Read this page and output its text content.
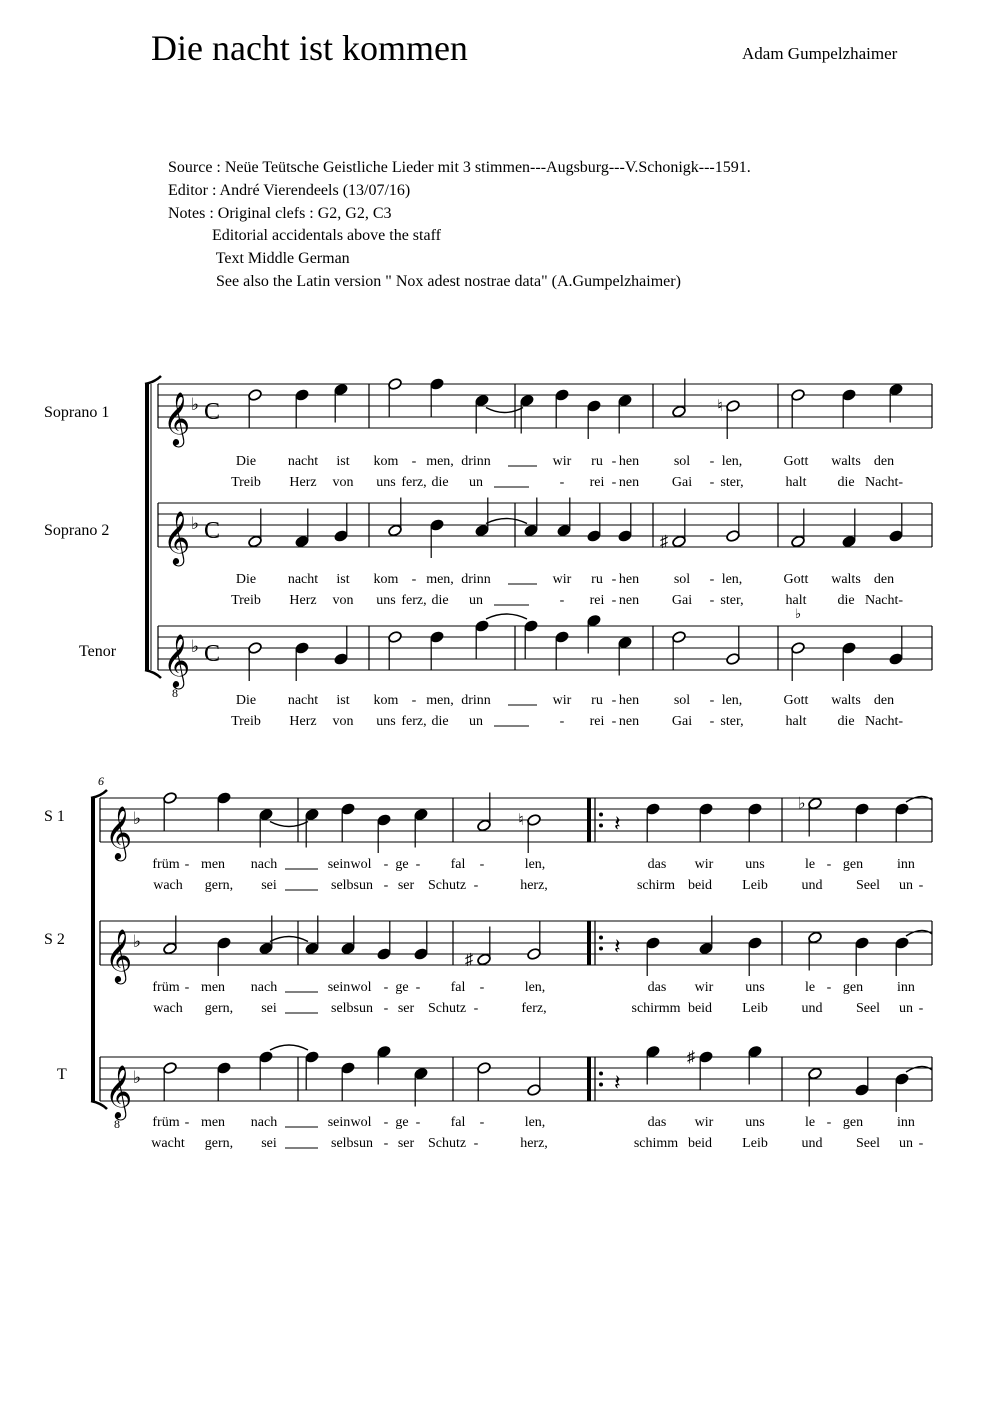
Die nacht ist kommen	Adam Gumpelzhaimer
Source : Neüe Teütsche Geistliche Lieder mit 3 stimmen---Augsburg---V.Schonigk---1591.
Editor : André Vierendeels (13/07/16)
Notes : Original clefs : G2, G2, C3
Editorial accidentals above the staff
Text Middle German
See also the Latin version " Nox adest nostrae data" (A.Gumpelzhaimer)
Soprano 1
Soprano 2
Tenor
S 1
S 2
T
𝄞 ♭ C
𝄞 ♭ C
𝄞
8
♭ C
♮
♯
♭
Die nacht ist kom - men, drinn	wir ru - hen sol - len,	Gott walts den
Treib Herz von uns ferz, die un	- rei - nen Gai - ster,	halt die Nacht-
Die nacht ist kom - men, drinn	wir ru - hen sol - len,	Gott walts den
Treib Herz von uns ferz, die un	- rei - nen Gai - ster,	halt die Nacht-
Die nacht ist kom - men, drinn	wir ru - hen sol - len,	Gott walts den
Treib Herz von uns ferz, die un	- rei - nen Gai - ster,	halt die Nacht-
6
𝄞 ♭
𝄞 ♭
𝄞
8
♭
♮	𝄽
♭
♯
𝄽
𝄽
♯
früm - men nach	sein wol - ge - fal -	len,	das wir uns	le - gen inn
wach gern, sei	selbs un - ser Schutz -	herz,	schirm beid Leib und Seel un -
früm - men nach	sein wol - ge - fal -	len,	das wir uns	le - gen inn
wach gern, sei	selbs un - ser Schutz -	ferz,	schirmm beid Leib und Seel un -
früm - men nach	sein wol - ge - fal -	len,	das wir uns	le - gen inn
wacht gern, sei	selbs un - ser Schutz -	herz,	schimm beid Leib und Seel un -
